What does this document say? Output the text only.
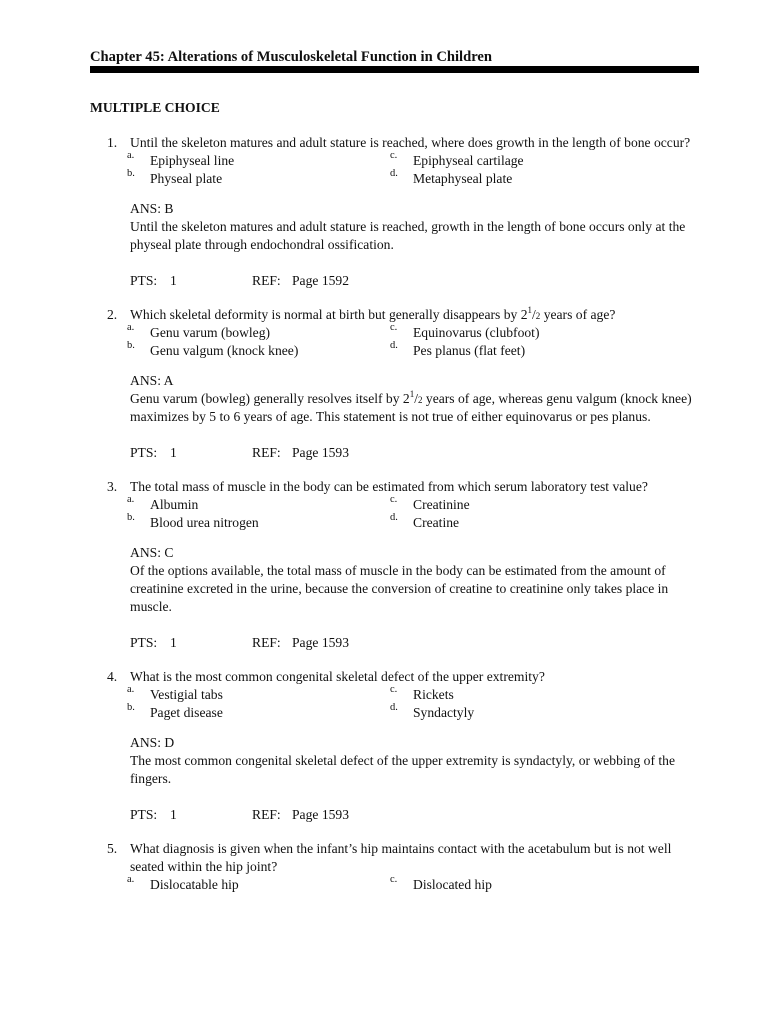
Chapter 45: Alterations of Musculoskeletal Function in Children
MULTIPLE CHOICE
1. Until the skeleton matures and adult stature is reached, where does growth in the length of bone occur?
a. Epiphyseal line
b. Physeal plate
c. Epiphyseal cartilage
d. Metaphyseal plate
ANS: B
Until the skeleton matures and adult stature is reached, growth in the length of bone occurs only at the physeal plate through endochondral ossification.
PTS: 1	REF: Page 1592
2. Which skeletal deformity is normal at birth but generally disappears by $2^1/2$ years of age?
a. Genu varum (bowleg)
b. Genu valgum (knock knee)
c. Equinovarus (clubfoot)
d. Pes planus (flat feet)
ANS: A
Genu varum (bowleg) generally resolves itself by $2^1/2$ years of age, whereas genu valgum (knock knee) maximizes by 5 to 6 years of age. This statement is not true of either equinovarus or pes planus.
PTS: 1	REF: Page 1593
3. The total mass of muscle in the body can be estimated from which serum laboratory test value?
a. Albumin
b. Blood urea nitrogen
c. Creatinine
d. Creatine
ANS: C
Of the options available, the total mass of muscle in the body can be estimated from the amount of creatinine excreted in the urine, because the conversion of creatine to creatinine only takes place in muscle.
PTS: 1	REF: Page 1593
4. What is the most common congenital skeletal defect of the upper extremity?
a. Vestigial tabs
b. Paget disease
c. Rickets
d. Syndactyly
ANS: D
The most common congenital skeletal defect of the upper extremity is syndactyly, or webbing of the fingers.
PTS: 1	REF: Page 1593
5. What diagnosis is given when the infant’s hip maintains contact with the acetabulum but is not well seated within the hip joint?
a. Dislocatable hip	c. Dislocated hip
